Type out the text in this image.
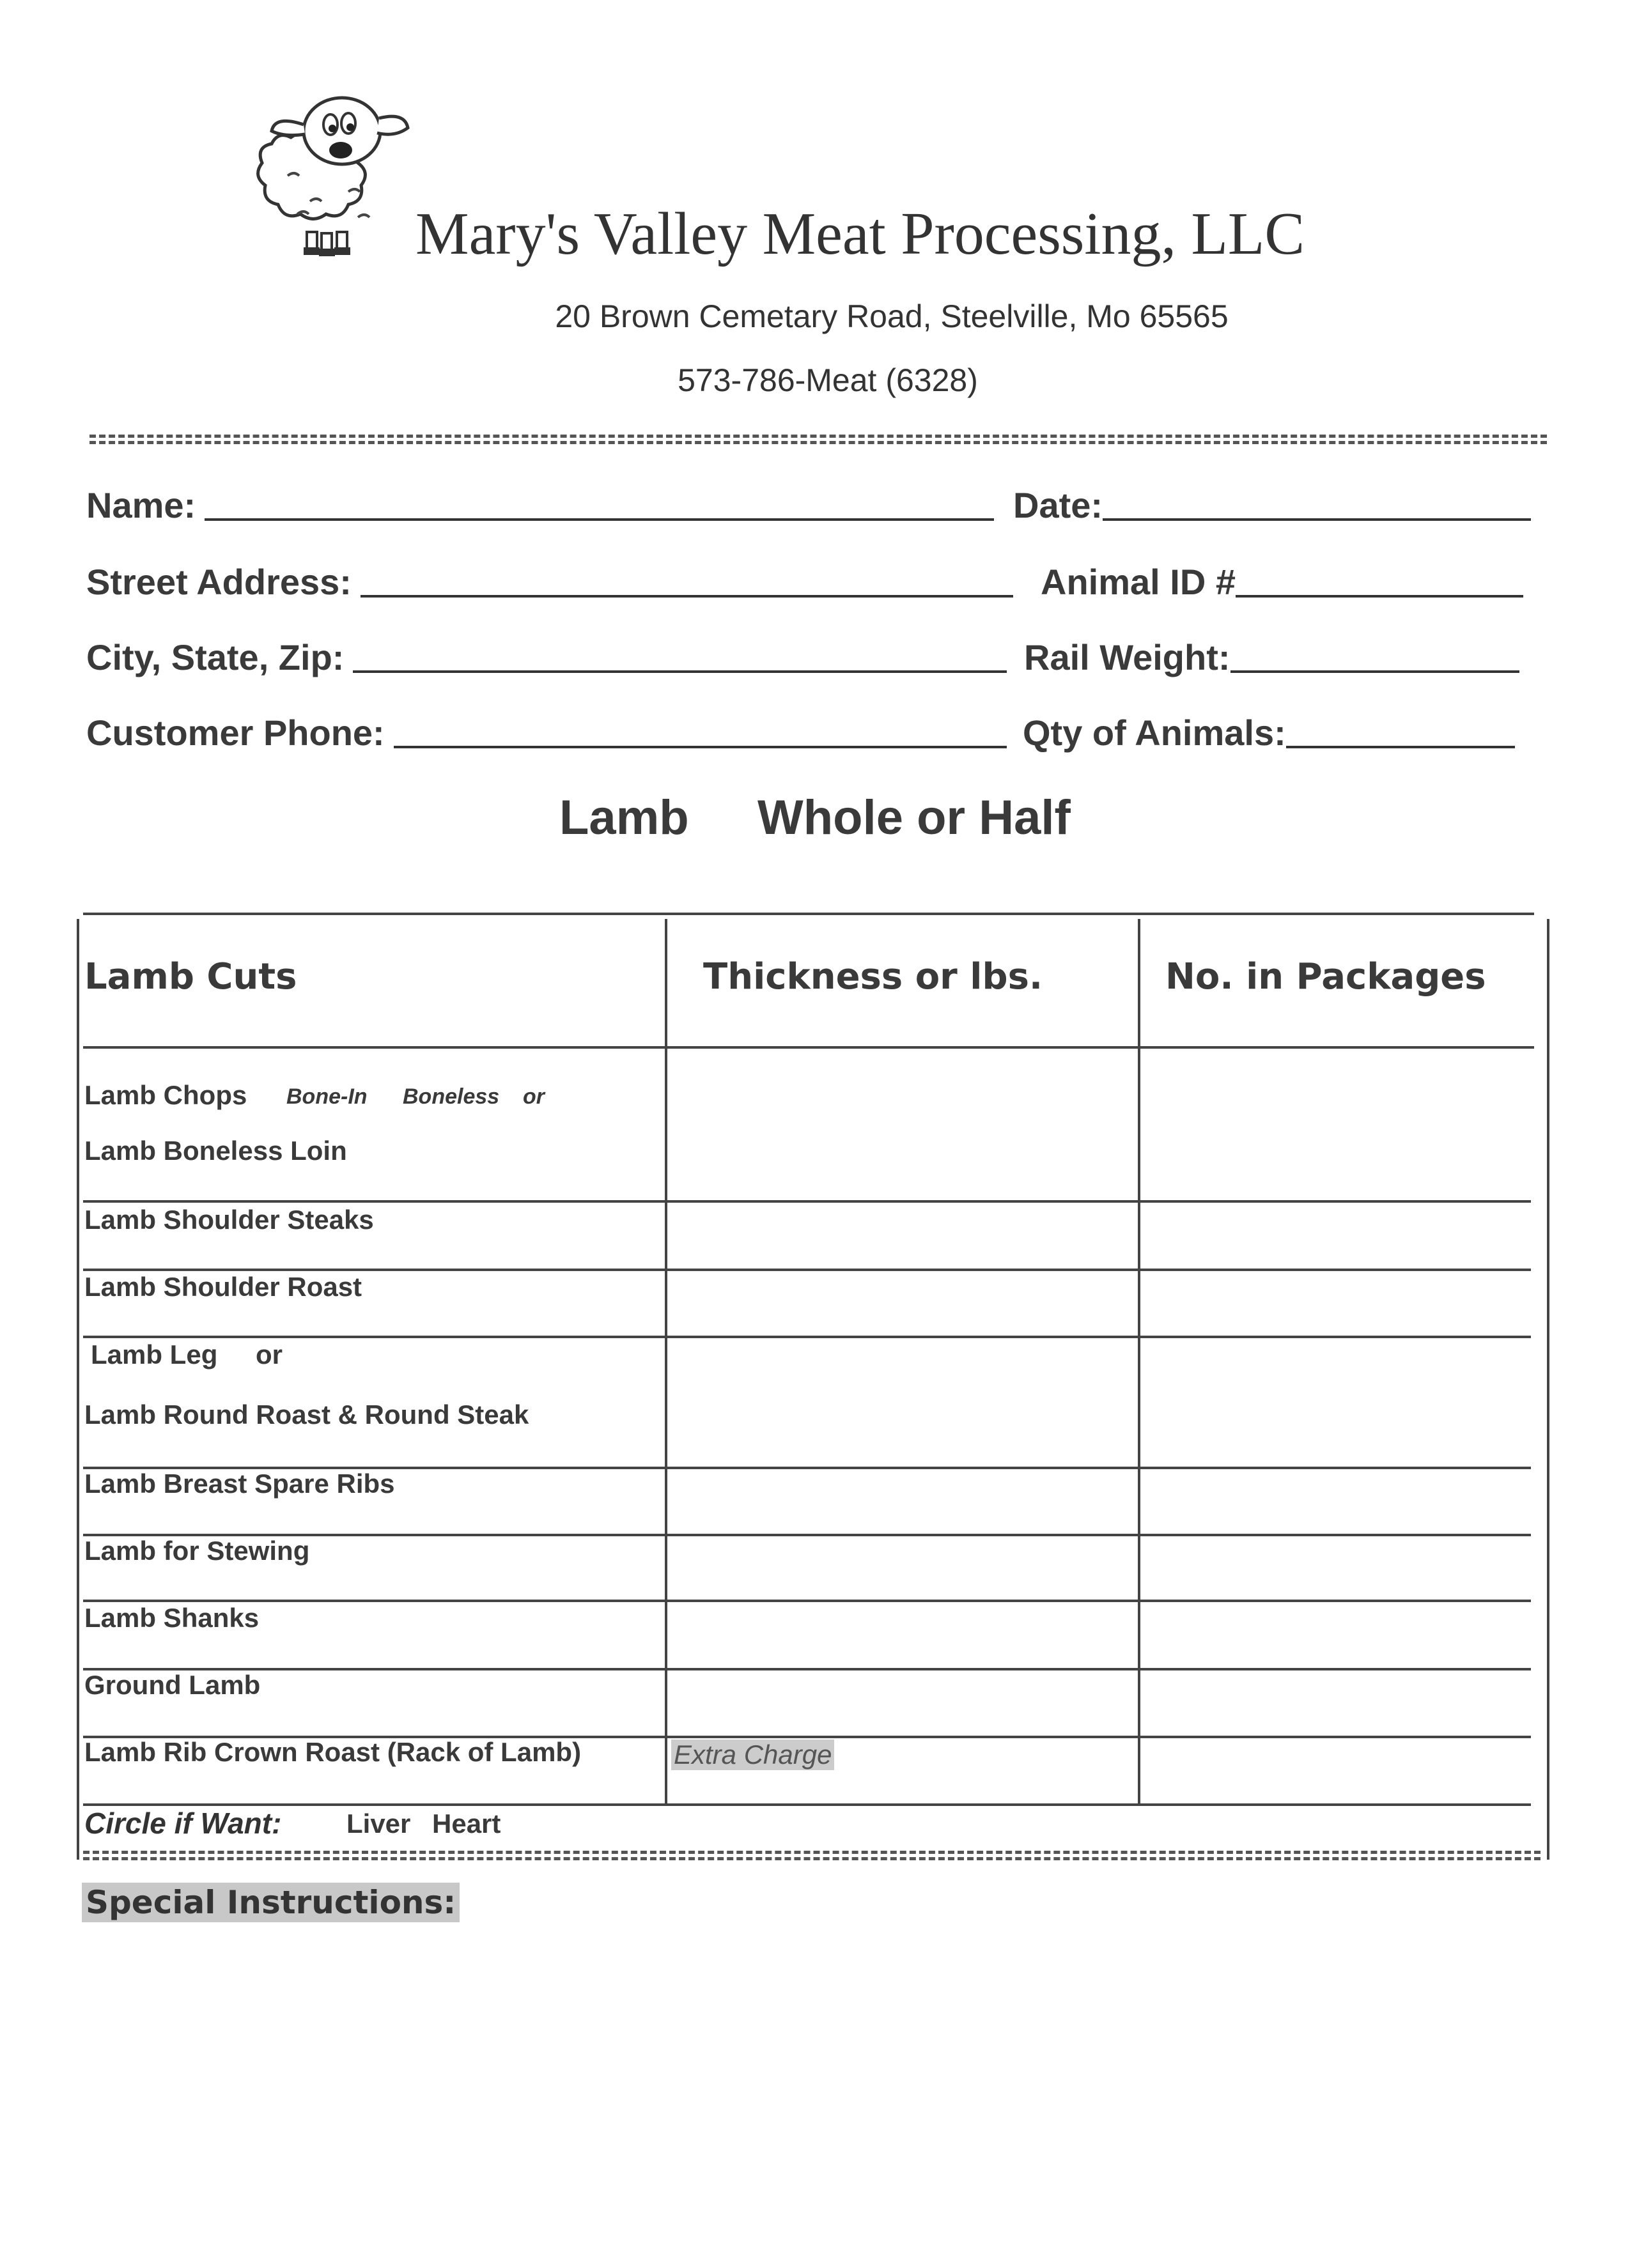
Mary's Valley Meat Processing, LLC
20 Brown Cemetary Road, Steelville, Mo 65565
573-786-Meat (6328)
Name:	Date:
Street Address:	Animal ID #
City, State, Zip:	Rail Weight:
Customer Phone:	Qty of Animals:
Lamb Whole or Half
Lamb Cuts	Thickness or lbs.	No. in Packages
Lamb Chops Bone-In Boneless or
Lamb Boneless Loin
Lamb Shoulder Steaks
Lamb Shoulder Roast
Lamb Leg or
Lamb Round Roast & Round Steak
Lamb Breast Spare Ribs
Lamb for Stewing
Lamb Shanks
Ground Lamb
Lamb Rib Crown Roast (Rack of Lamb)	Extra Charge
Circle if Want: Liver Heart
Special Instructions:
